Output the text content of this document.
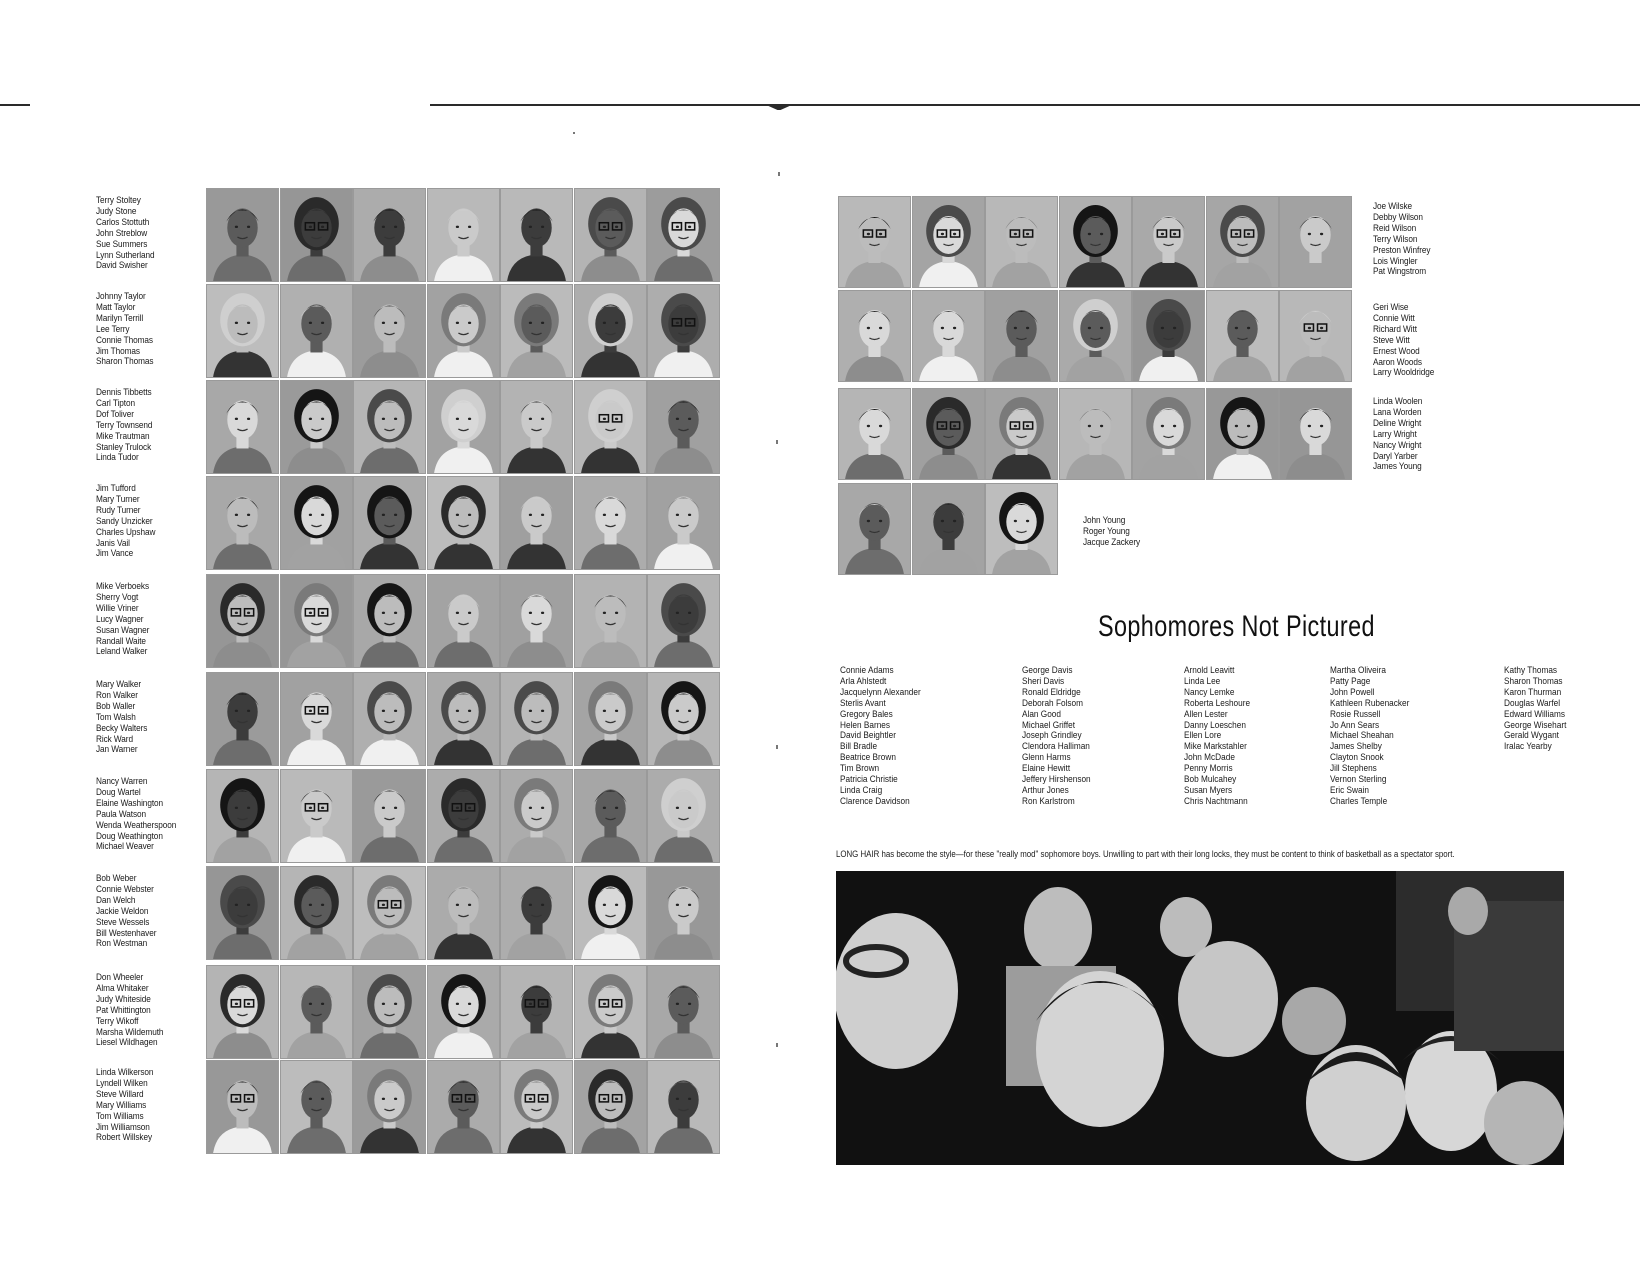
Terry Stoltey
Judy Stone
Carlos Stottuth
John Streblow
Sue Summers
Lynn Sutherland
David Swisher
Johnny Taylor
Matt Taylor
Marilyn Terrill
Lee Terry
Connie Thomas
Jim Thomas
Sharon Thomas
Dennis Tibbetts
Carl Tipton
Dof Toliver
Terry Townsend
Mike Trautman
Stanley Trulock
Linda Tudor
Jim Tufford
Mary Turner
Rudy Turner
Sandy Unzicker
Charles Upshaw
Janis Vail
Jim Vance
Mike Verboeks
Sherry Vogt
Willie Vriner
Lucy Wagner
Susan Wagner
Randall Waite
Leland Walker
Mary Walker
Ron Walker
Bob Waller
Tom Walsh
Becky Walters
Rick Ward
Jan Warner
Nancy Warren
Doug Wartel
Elaine Washington
Paula Watson
Wenda Weatherspoon
Doug Weathington
Michael Weaver
Bob Weber
Connie Webster
Dan Welch
Jackie Weldon
Steve Wessels
Bill Westenhaver
Ron Westman
Don Wheeler
Alma Whitaker
Judy Whiteside
Pat Whittington
Terry Wikoff
Marsha Wildemuth
Liesel Wildhagen
Linda Wilkerson
Lyndell Wilken
Steve Willard
Mary Williams
Tom Williams
Jim Williamson
Robert Willskey
Joe Wilske
Debby Wilson
Reid Wilson
Terry Wilson
Preston Winfrey
Lois Wingler
Pat Wingstrom
Geri Wise
Connie Witt
Richard Witt
Steve Witt
Ernest Wood
Aaron Woods
Larry Wooldridge
Linda Woolen
Lana Worden
Deline Wright
Larry Wright
Nancy Wright
Daryl Yarber
James Young
John Young
Roger Young
Jacque Zackery
Sophomores Not Pictured
Connie Adams
Arla Ahlstedt
Jacquelynn Alexander
Sterlis Avant
Gregory Bales
Helen Barnes
David Beightler
Bill Bradle
Beatrice Brown
Tim Brown
Patricia Christie
Linda Craig
Clarence Davidson
George Davis
Sheri Davis
Ronald Eldridge
Deborah Folsom
Alan Good
Michael Griffet
Joseph Grindley
Clendora Halliman
Glenn Harms
Elaine Hewitt
Jeffery Hirshenson
Arthur Jones
Ron Karlstrom
Arnold Leavitt
Linda Lee
Nancy Lemke
Roberta Leshoure
Allen Lester
Danny Loeschen
Ellen Lore
Mike Markstahler
John McDade
Penny Morris
Bob Mulcahey
Susan Myers
Chris Nachtmann
Martha Oliveira
Patty Page
John Powell
Kathleen Rubenacker
Rosie Russell
Jo Ann Sears
Michael Sheahan
James Shelby
Clayton Snook
Jill Stephens
Vernon Sterling
Eric Swain
Charles Temple
Kathy Thomas
Sharon Thomas
Karon Thurman
Douglas Warfel
Edward Williams
George Wisehart
Gerald Wygant
Iralac Yearby
LONG HAIR has become the style—for these "really mod" sophomore boys. Unwilling to part with their long locks, they must be content to think of basketball as a spectator sport.
